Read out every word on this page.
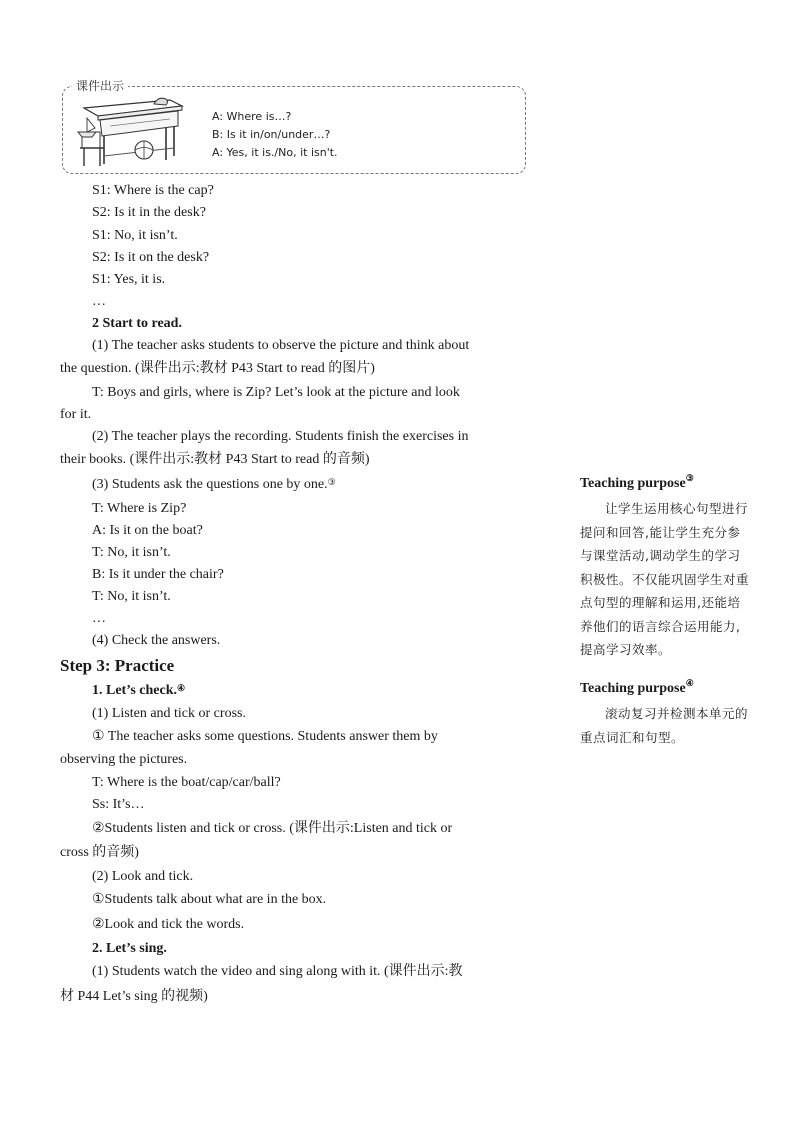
课件出示
A: Where is…?
B: Is it in/on/under…?
A: Yes, it is./No, it isn't.
S1: Where is the cap?
S2: Is it in the desk?
S1: No, it isn’t.
S2: Is it on the desk?
S1: Yes, it is.
…
2 Start to read.
(1) The teacher asks students to observe the picture and think about
the question. (课件出示:教材 P43 Start to read 的图片)
T: Boys and girls, where is Zip? Let’s look at the picture and look
for it.
(2) The teacher plays the recording. Students finish the exercises in
their books. (课件出示:教材 P43 Start to read 的音频)
(3) Students ask the questions one by one.③
T: Where is Zip?
A: Is it on the boat?
T: No, it isn’t.
B: Is it under the chair?
T: No, it isn’t.
…
(4) Check the answers.
Step 3: Practice
1. Let’s check.④
(1) Listen and tick or cross.
① The teacher asks some questions. Students answer them by
observing the pictures.
T: Where is the boat/cap/car/ball?
Ss: It’s…
②Students listen and tick or cross. (课件出示:Listen and tick or
cross 的音频)
(2) Look and tick.
①Students talk about what are in the box.
②Look and tick the words.
2. Let’s sing.
(1) Students watch the video and sing along with it. (课件出示:教
材 P44 Let’s sing 的视频)
Teaching purpose③
让学生运用核心句型进行提问和回答,能让学生充分参与课堂活动,调动学生的学习积极性。不仅能巩固学生对重点句型的理解和运用,还能培养他们的语言综合运用能力,提高学习效率。
Teaching purpose④
滚动复习并检测本单元的重点词汇和句型。
